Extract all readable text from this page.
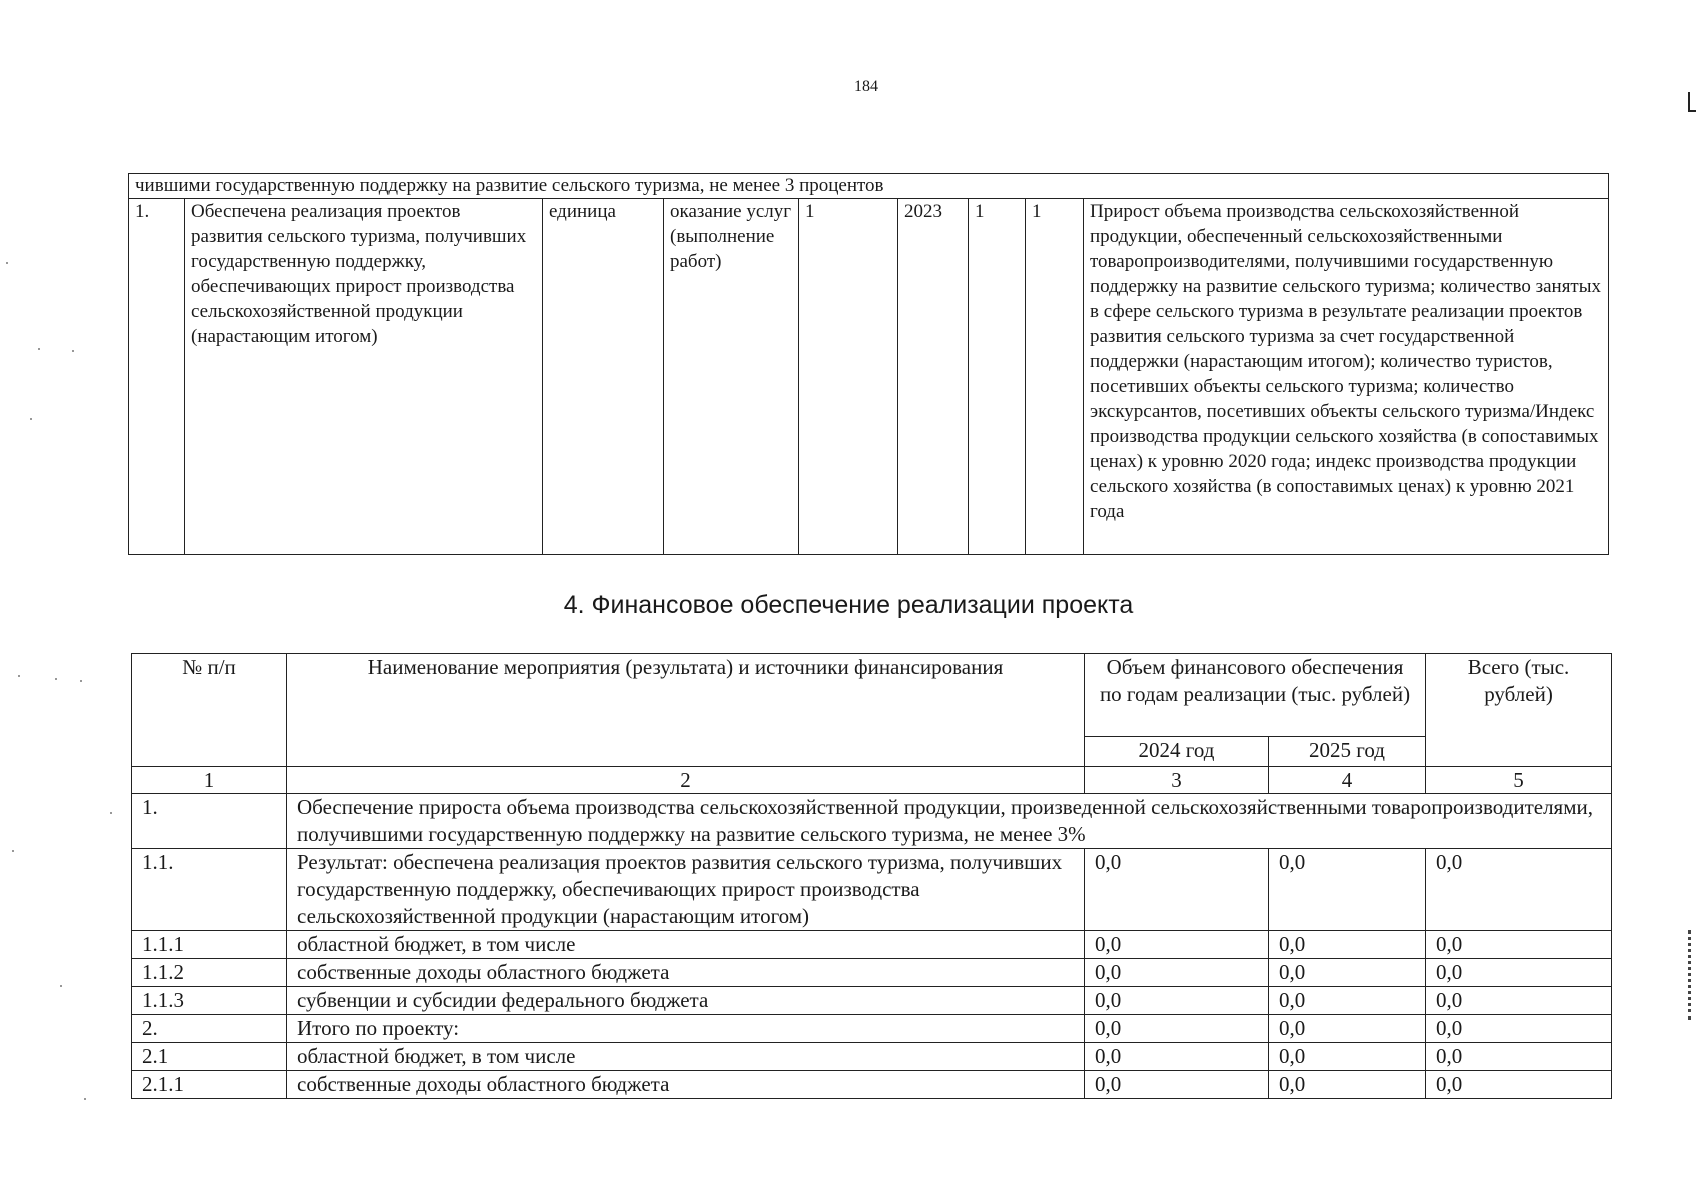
184
чившими государственную поддержку на развитие сельского туризма, не менее 3 процентов
1.	Обеспечена реализация проектов развития сельского туризма, получивших государственную поддержку, обеспечивающих прирост производства сельскохозяйственной продукции (нарастающим итогом)	единица	оказание услуг (выполнение работ)	1	2023	1	1	Прирост объема производства сельскохозяйственной продукции, обеспеченный сельскохозяйственными товаропроизводителями, получившими государственную поддержку на развитие сельского туризма; количество занятых в сфере сельского туризма в результате реализации проектов развития сельского туризма за счет государственной поддержки (нарастающим итогом); количество туристов, посетивших объекты сельского туризма; количество экскурсантов, посетивших объекты сельского туризма/Индекс производства продукции сельского хозяйства (в сопоставимых ценах) к уровню 2020 года; индекс производства продукции сельского хозяйства (в сопоставимых ценах) к уровню 2021 года
4. Финансовое обеспечение реализации проекта
№ п/п	Наименование мероприятия (результата) и источники финансирования	Объем финансового обеспечения по годам реализации (тыс. рублей)		Всего (тыс. рублей)
		2024 год	2025 год	
1	2	3	4	5
1.	Обеспечение прироста объема производства сельскохозяйственной продукции, произведенной сельскохозяйственными товаропроизводителями, получившими государственную поддержку на развитие сельского туризма, не менее 3%			
1.1.	Результат: обеспечена реализация проектов развития сельского туризма, получивших государственную поддержку, обеспечивающих прирост производства сельскохозяйственной продукции (нарастающим итогом)	0,0	0,0	0,0
1.1.1	областной бюджет, в том числе	0,0	0,0	0,0
1.1.2	собственные доходы областного бюджета	0,0	0,0	0,0
1.1.3	субвенции и субсидии федерального бюджета	0,0	0,0	0,0
2.	Итого по проекту:	0,0	0,0	0,0
2.1	областной бюджет, в том числе	0,0	0,0	0,0
2.1.1	собственные доходы областного бюджета	0,0	0,0	0,0
